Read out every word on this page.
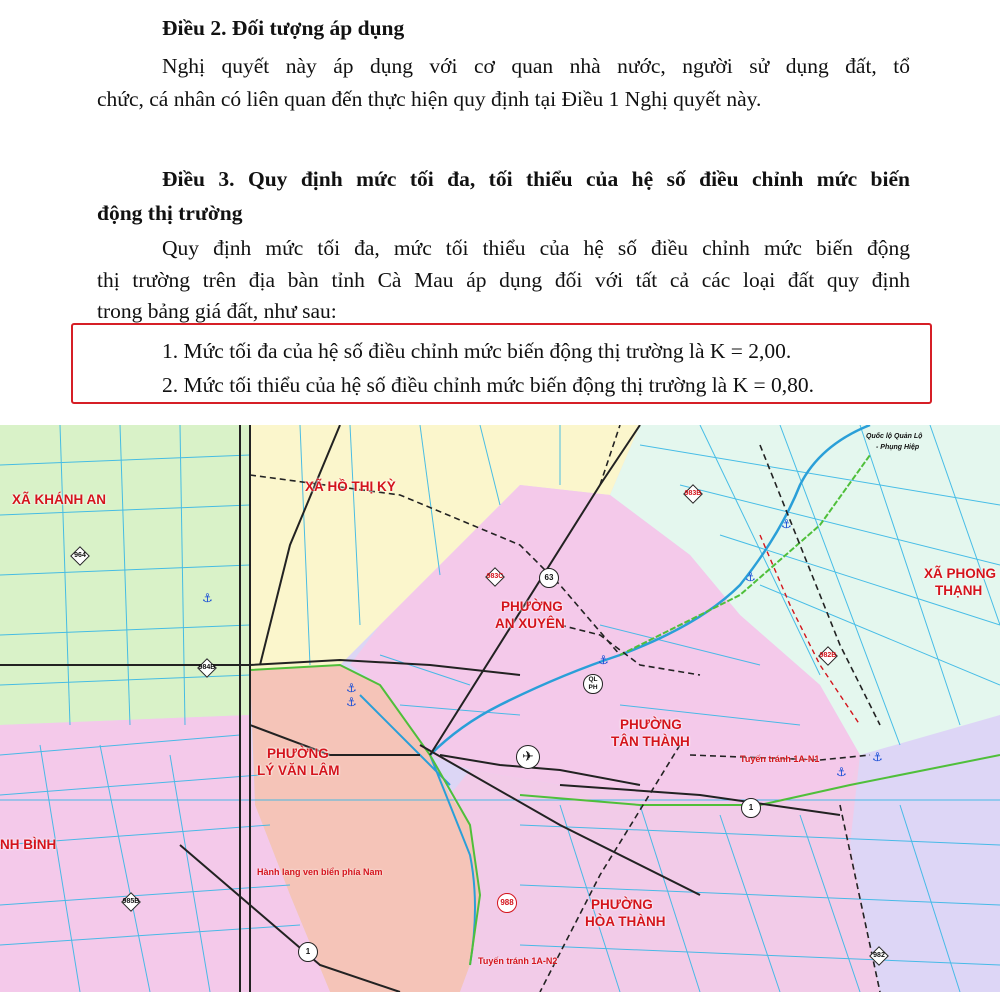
Điều 2. Đối tượng áp dụng
Nghị quyết này áp dụng với cơ quan nhà nước, người sử dụng đất, tổ
chức, cá nhân có liên quan đến thực hiện quy định tại Điều 1 Nghị quyết này.
Điều 3. Quy định mức tối đa, tối thiểu của hệ số điều chỉnh mức biến
động thị trường
Quy định mức tối đa, mức tối thiểu của hệ số điều chỉnh mức biến động
thị trường trên địa bàn tỉnh Cà Mau áp dụng đối với tất cả các loại đất quy định
trong bảng giá đất, như sau:
1. Mức tối đa của hệ số điều chỉnh mức biến động thị trường là K = 2,00.
2. Mức tối thiểu của hệ số điều chỉnh mức biến động thị trường là K = 0,80.
XÃ KHÁNH AN
XÃ HỒ THỊ KỲ
XÃ PHONG
THẠNH
PHƯỜNG
AN XUYÊN
PHƯỜNG
TÂN THÀNH
PHƯỜNG
LÝ VĂN LÂM
PHƯỜNG
HÒA THÀNH
NH BÌNH
Quốc lộ Quản Lộ
- Phụng Hiệp
Tuyến tránh 1A-N1
Tuyến tránh 1A-N2
Hành lang ven biển phía Nam
983B
964
983C	63
984B
QL PH
982B
1
985B	988
1	982
⚓
⚓
⚓
⚓
⚓
⚓
⚓
⚓
✈
